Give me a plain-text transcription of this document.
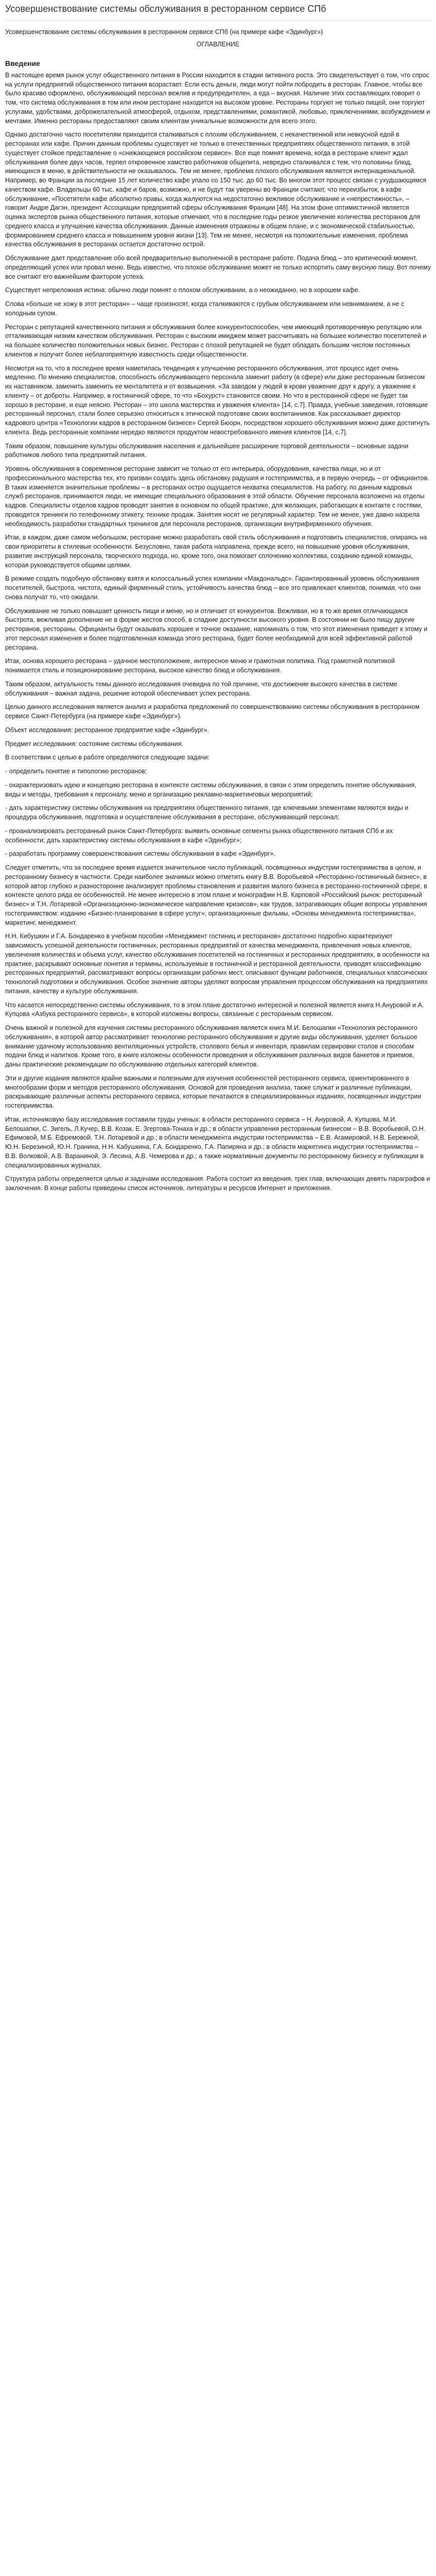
Усовершенствование системы обслуживания в ресторанном сервисе СПб

Усовершенствование системы обслуживания в ресторанном сервисе СПб (на примере кафе «Эдинбург»)

ОГЛАВЛЕНИЕ
Введение

В настоящее время рынок услуг общественного питания в России находится в стадии активного роста. Это свидетельствует о том, что спрос на услуги предприятий общественного питания возрастает. Если есть деньги, люди могут пойти побродить в ресторан. Главное, чтобы все было красиво оформлено, обслуживающий персонал вежлив и предупредителен, а еда – вкусная. Наличие этих составляющих говорит о том, что система обслуживания в том или ином ресторане находится на высоком уровне. Рестораны торгуют не только пищей, они торгуют услугами, удобствами, доброжелательной атмосферой, отдыхом, представлениями, романтикой, любовью, приключениями, возбуждением и мечтами. Именно рестораны предоставляют своим клиентам уникальные возможности для всего этого.

Однако достаточно часто посетителям приходится сталкиваться с плохим обслуживанием, с некачественной или невкусной едой в ресторанах или кафе. Причин данным проблемы существует не только в отечественных предприятиях общественного питания, в этой существует стойкое представление о «снижающемся российском сервисе». Все еще помнят времена, когда в ресторане клиент ждал обслуживания более двух часов, терпел откровенное хамство работников общепита, невредно сталкивался с тем, что половины блюд, имеющихся в меню, в действительности не оказывалось. Тем не менее, проблема плохого обслуживания является интернациональной. Например, во Франции за последние 15 лет количество кафе упало со 150 тыс. до 60 тыс. Во многом этот процесс связан с ухудшающимся качеством кафе. Владельцы 60 тыс. кафе и баров, возможно, и не будут так уверены во Франции считают, что переизбыток, в кафе обслуживание, «Посетители кафе абсолютно правы, когда жалуются на недостаточно вежливое обслуживание и «непрестижность», – говорит Андре Дагэн, президент Ассоциации предприятий сферы обслуживания Франции [48]. На этом фоне оптимистичной является оценка экспертов рынка общественного питания, которые отмечают, что в последние годы резкое увеличение количества ресторанов для среднего класса и улучшение качества обслуживания. Данные изменения отражены в общем плане, и с экономической стабильностью, формированием среднего класса и повышением уровня жизни [13]. Тем не менее, несмотря на положительные изменения, проблема качества обслуживания в ресторанах остается достаточно острой.

Обслуживание дает представление обо всей предварительно выполненной в ресторане работе. Подача блюд – это критический момент, определяющий успех или провал меню. Ведь известно, что плохое обслуживание может не только испортить саму вкусную пищу. Вот почему все считают его важнейшим фактором успеха.

Существует непреложная истина: обычно люди помнят о плохом обслуживании, а о неожиданно, но в хорошем кафе.

Слова «больше не хожу в этот ресторан» – чаще произносят, когда сталкиваются с грубым обслуживанием или невниманием, а не с холодным супом.

Ресторан с репутацией качественного питания и обслуживания более конкурентоспособен, чем имеющий противоречивую репутацию или отталкивающая низким качеством обслуживания. Ресторан с высоким имиджем может рассчитывать на большее количество посетителей и на большее количество положительных новых бизнес. Ресторан с плохой репутацией не будет обладать большим числом постоянных клиентов и получит более неблагоприятную известность среди общественности.

Несмотря на то, что в последнее время наметилась тенденция к улучшению ресторанного обслуживания, этот процесс идет очень медленно. По мнению специалистов, способность обслуживающего персонала заменит работу (в сфере) или даже ресторанным бизнесом их наставником, заменить заменить ее менталитета и от возвышения. «За заводом у людей в крови уважение друг к другу, а уважение к клиенту – от доброты. Например, в гостиничной сфере, то что «Бохурст» становится своим. Но что в ресторанной сфере не будет так хорошо в ресторане, и еще неясно. Ресторан – это школа мастерства и уважения клиента» [14, с.7]. Правда, учебные заведения, готовящие ресторанный персонал, стали более серьезно относиться к этической подготовке своих воспитанников. Как рассказывает директор кадрового центра «Технологии кадров в ресторанном бизнесе» Сергей Бюорн, посредством хорошего обслуживания можно даже достигнуть клиента. Ведь ресторанные компании нередко являются продуктом невостребованного имения клиентов [14, с.7].

Таким образом, повышение культуры обслуживания населения и дальнейшее расширение торговой деятельности – основные задачи работников любого типа предприятий питания.

Уровень обслуживания в современном ресторане зависит не только от его интерьера, оборудования, качества пищи, но и от профессионального мастерства тех, кто призван создать здесь обстановку радушия и гостеприимства, и в первую очередь – от официантов. В таких изменяется значительные проблемы – в ресторанах остро ощущается нехватка специалистов. На работу, по данным кадровых служб ресторанов, принимаются люди, не имеющие специального образования в этой области. Обучение персонала возложено на отделы кадров. Специалисты отделов кадров проводят занятия в основном по общей практике, для желающих, работающих в контакте с гостями, проводятся тренинги по телефонному этикету, технике продаж. Занятия носят не регулярный характер. Тем не менее, уже давно назрела необходимость разработки стандартных тренингов для персонала ресторанов, организации внутрифирменного обучения.

Итак, в каждом, даже самом небольшом, ресторане можно разработать свой стиль обслуживания и подготовить специалистов, опираясь на свои приоритеты в стилевые особенности. Безусловно, такая работа направлена, прежде всего, на повышение уровня обслуживания, развитие инструкций персонала, творческого подхода, но, кроме того, она помогает сплочению коллектива, созданию единой команды, которая руководствуется общими целями.

В режиме создать подобную обстановку взятя и колоссальный успех компании «Макдональдс». Гарантированный уровень обслуживания посетителей, быстрота, чистота, единый фирменный стиль, устойчивость качества блюд – все это привлекает клиентов, понимая, что они снова получат то, что ожидали.

Обслуживание не только повышает ценность пищи и меню, но и отличает от конкурентов. Вежливая, но в то же время отличающаяся быстрота, вежливая дополнение не в форме жестов способ, в сладкие доступности высокого уровня. В состоянии не было пищу другие ресторанов, рестораны. Официанты будут оказывать хорошее и точное оказание, напоминать о том, что этот изменения приведет к этому и этот персонал изменения и более подготовленная команда этого ресторана, будет более необходимой для всей эффективной работой ресторана.

Итак, основа хорошего ресторана – удачное местоположение, интересное меню и грамотная политика. Под грамотной политикой понимается стиль и позиционирование ресторана, высокое качество блюд и обслуживания.

Таким образом, актуальность темы данного исследования очевидна по той причине, что достижение высокого качества в системе обслуживания – важная задача, решение которой обеспечивает успех ресторана.

Целью данного исследования является анализ и разработка предложений по совершенствованию системы обслуживания в ресторанном сервисе Санкт-Петербурга (на примере кафе «Эдинбург»).

Объект исследования: ресторанное предприятие кафе «Эдинбург».

Предмет исследования: состояние системы обслуживания.

В соответствии с целью в работе определяются следующие задачи:

- определить понятие и типологию ресторанов;
- охарактеризовать идею и концепцию ресторана в контексте системы обслуживания, в связи с этим определить понятие обслуживания, виды и методы, требования к персоналу, меню и организацию рекламно-маркетинговых мероприятий;
- дать характеристику системы обслуживания на предприятиях общественного питания, где ключевыми элементами являются виды и процедура обслуживания, подготовка и осуществление обслуживания в ресторане, обслуживающий персонал;
- проанализировать ресторанный рынок Санкт-Петербурга: выявить основные сегменты рынка общественного питания СПб и их особенности; дать характеристику системы обслуживания в кафе «Эдинбург»;
- разработать программу совершенствования системы обслуживания в кафе «Эдинбург».

Следует отметить, что за последнее время издается значительное число публикаций, посвященных индустрии гостеприимства в целом, и ресторанному бизнесу в частности. Среди наиболее значимых можно отметить книгу В.В. Воробьевой «Ресторанно-гостиничный бизнес», в которой автор глубоко и разносторонне анализирует проблемы становления и развития малого бизнеса в ресторанно-гостиничной сфере, в контексте целого ряда ее особенностей. Не менее интересно в этом плане и монографии Н.В. Карповой «Российский рынок: ресторанный бизнес» и Т.Н. Лотаревой «Организационно-экономическое направление кризисов», как трудов, затрагивающих общие вопросы управления гостеприимством: изданию «Бизнес-планирование в сфере услуг», организационные фильмы, «Основы менеджмента гостеприимства», маркетинг, менеджмент.

Н.Н. Кибушкин и Г.А. Бондаренко в учебном пособии «Менеджмент гостиниц и ресторанов» достаточно подробно характеризуют зависимость успешной деятельности гостиничных, ресторанных предприятий от качества менеджмента, привлечения новых клиентов, увеличения количества и объема услуг, качество обслуживания посетителей на гостиничных и ресторанных предприятиях, в особенности на практике, раскрывают основные понятия и термины, используемые в гостиничной и ресторанной деятельности, приводят классификацию ресторанных предприятий, рассматривают вопросы организации рабочих мест, описывают функции работников, специальных классических технологий подготовки и обслуживания. Особое значение авторы уделяют вопросам управления процессом обслуживания на предприятиях питания, качеству и культуре обслуживания.

Что касается непосредственно системы обслуживания, то в этом плане достаточно интересной и полезной является книга Н.Ануровой и А. Купцова «Азбука ресторанного сервиса», в которой изложены вопросы, связанные с ресторанным сервисом.

Очень важной и полезной для изучения системы ресторанного обслуживания является книга М.И. Белошапки «Технология ресторанного обслуживания», в которой автор рассматривает технологию ресторанного обслуживания и другие виды обслуживания, уделяет большое внимание удачному использованию вентиляционных устройств, столового белья и инвентаря, правилам сервировки столов и способам подачи блюд и напитков. Кроме того, в книге изложены особенности проведения и обслуживания различных видов банкетов и приемов, даны практические рекомендации по обслуживанию отдельных категорий клиентов.

Эти и другие издания являются крайне важными и полезными для изучения особенностей ресторанного сервиса, ориентированного в многообразии форм и методов ресторанного обслуживания. Основой для проведения анализа, также служат и различные публикации, раскрывающие различные аспекты ресторанного сервиса, которые печатаются в специализированных изданиях, посвященных индустрии гостеприимства.

Итак, источниковую базу исследования составили труды ученых: в области ресторанного сервиса – Н. Ануровой, А. Купцова, М.И. Белошапки, С. Зигель, Л.Кучер, В.В. Козак, Е. Згертова-Тонаха и др.; в области управления ресторанным бизнесом – В.В. Воробьевой, О.Н. Ефимовой, М.Б. Ефремовой, Т.Н. Лотаревой и др.; в области менеджмента индустрии гостеприимства – Е.В. Агамировой, Н.В. Бережной, Ю.Н. Березиной, Ю.Н. Гранина, Н.Н. Кабушкина, Г.А. Бондаренко, Г.А. Папиряна и др.; в области маркетинга индустрии гостеприимства – В.В. Волковой, А.В. Вараниной, Э. Лесина, А.В. Чемерова и др.; а также нормативные документы по ресторанному бизнесу и публикации в специализированных журналах.

Структура работы определяется целью и задачами исследования. Работа состоит из введения, трех глав, включающих девять параграфов и заключения. В конце работы приведены список источников, литературы и ресурсов Интернет и приложения.
